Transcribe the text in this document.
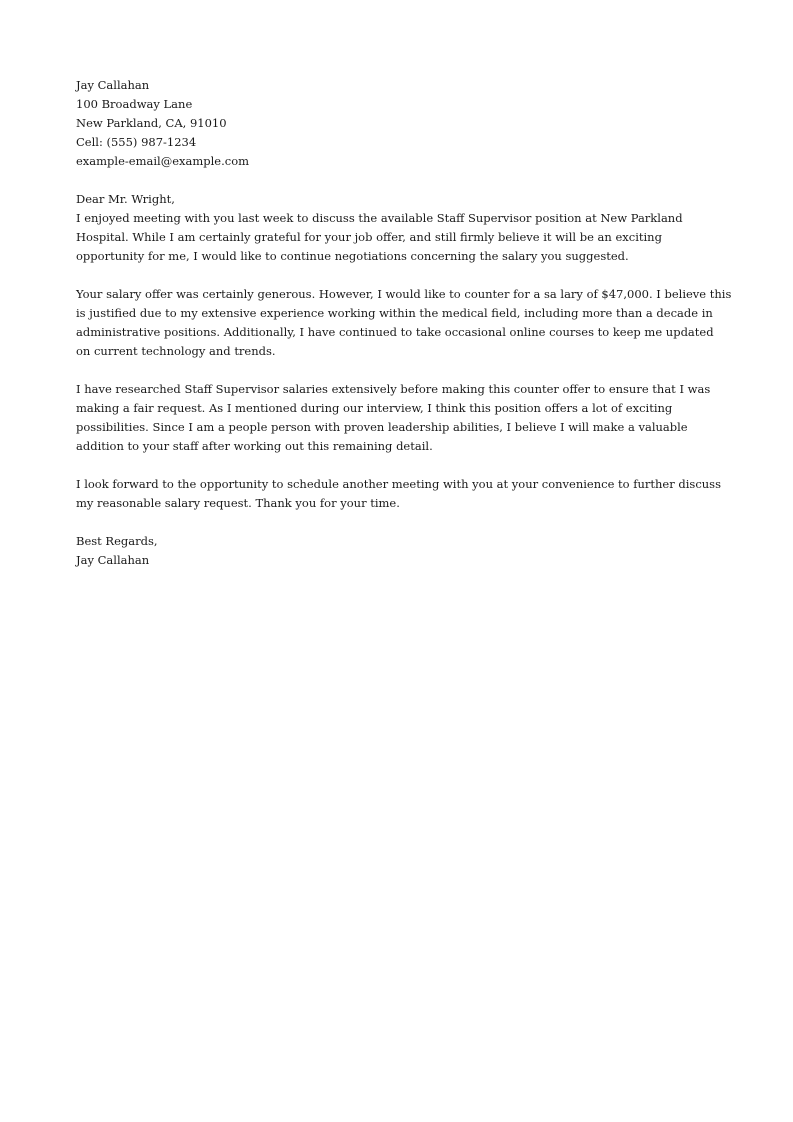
Jay Callahan

100 Broadway Lane
New Parkland, CA, 91010
Cell: (555) 987-1234
example-email@example.com

Dear Mr. Wright,

I enjoyed meeting with you last week to discuss the available Staff Supervisor position at New Parkland
Hospital. While I am certainly grateful for your job offer, and still firmly believe it will be an exciting
opportunity for me, I would like to continue negotiations concerning the salary you suggested.
Your salary offer was certainly generous. However, I would like to counter for a sa lary of $47,000. I believe this
is justified due to my extensive experience working within the medical field, including more than a decade in
administrative positions. Additionally, I have continued to take occasional online courses to keep me updated
on current technology and trends.
I have researched Staff Supervisor salaries extensively before making this counter offer to ensure that I was
making a fair request. As I mentioned during our interview, I think this position offers a lot of exciting
possibilities. Since I am a people person with proven leadership abilities, I believe I will make a valuable
addition to your staff after working out this remaining detail.
I look forward to the opportunity to schedule another meeting with you at your convenience to further discuss
my reasonable salary request. Thank you for your time.

Best Regards,

Jay Callahan
